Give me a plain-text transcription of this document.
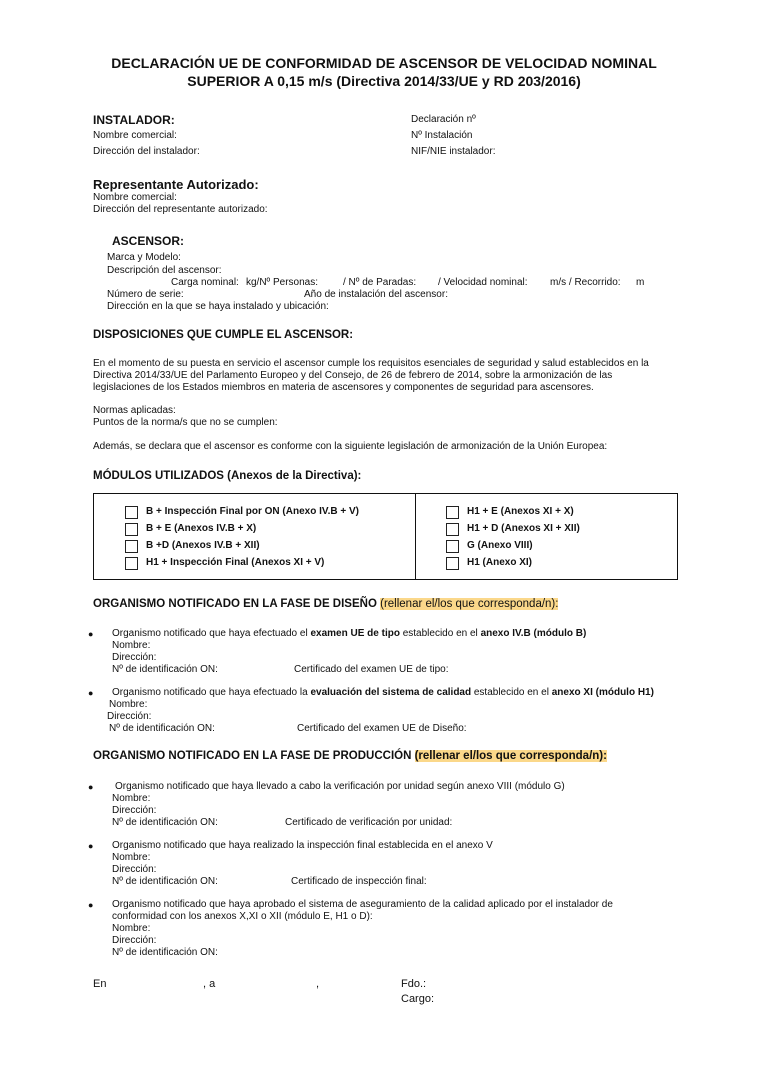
DECLARACIÓN UE DE CONFORMIDAD DE ASCENSOR DE VELOCIDAD NOMINAL
SUPERIOR A 0,15 m/s (Directiva 2014/33/UE y RD 203/2016)
INSTALADOR:
Nombre comercial:
Dirección del instalador:
Declaración nº
Nº Instalación
NIF/NIE instalador:
Representante Autorizado:
Nombre comercial:
Dirección del representante autorizado:
ASCENSOR:
Marca y Modelo:
Descripción del ascensor:
Carga nominal: kg/Nº Personas: / Nº de Paradas: / Velocidad nominal: m/s / Recorrido: m
Número de serie:	Año de instalación del ascensor:
Dirección en la que se haya instalado y ubicación:
DISPOSICIONES QUE CUMPLE EL ASCENSOR:
En el momento de su puesta en servicio el ascensor cumple los requisitos esenciales de seguridad y salud establecidos en la Directiva 2014/33/UE del Parlamento Europeo y del Consejo, de 26 de febrero de 2014, sobre la armonización de las legislaciones de los Estados miembros en materia de ascensores y componentes de seguridad para ascensores.
Normas aplicadas:
Puntos de la norma/s que no se cumplen:
Además, se declara que el ascensor es conforme con la siguiente legislación de armonización de la Unión Europea:
MÓDULOS UTILIZADOS (Anexos de la Directiva):
B + Inspección Final por ON (Anexo IV.B + V)
B + E (Anexos IV.B + X)
B +D (Anexos IV.B + XII)
H1 + Inspección Final (Anexos XI + V)
H1 + E (Anexos XI + X)
H1 + D (Anexos XI + XII)
G (Anexo VIII)
H1 (Anexo XI)
ORGANISMO NOTIFICADO EN LA FASE DE DISEÑO (rellenar el/los que corresponda/n):
● Organismo notificado que haya efectuado el examen UE de tipo establecido en el anexo IV.B (módulo B)
Nombre:
Dirección:
Nº de identificación ON:	Certificado del examen UE de tipo:
● Organismo notificado que haya efectuado la evaluación del sistema de calidad establecido en el anexo XI (módulo H1)
Nombre:
Dirección:
Nº de identificación ON:	Certificado del examen UE de Diseño:
ORGANISMO NOTIFICADO EN LA FASE DE PRODUCCIÓN (rellenar el/los que corresponda/n):
● Organismo notificado que haya llevado a cabo la verificación por unidad según anexo VIII (módulo G)
Nombre:
Dirección:
Nº de identificación ON:	Certificado de verificación por unidad:
● Organismo notificado que haya realizado la inspección final establecida en el anexo V
Nombre:
Dirección:
Nº de identificación ON:	Certificado de inspección final:
● Organismo notificado que haya aprobado el sistema de aseguramiento de la calidad aplicado por el instalador de
conformidad con los anexos X,XI o XII (módulo E, H1 o D):
Nombre:
Dirección:
Nº de identificación ON:
En	, a	,	Fdo.:
Cargo:
